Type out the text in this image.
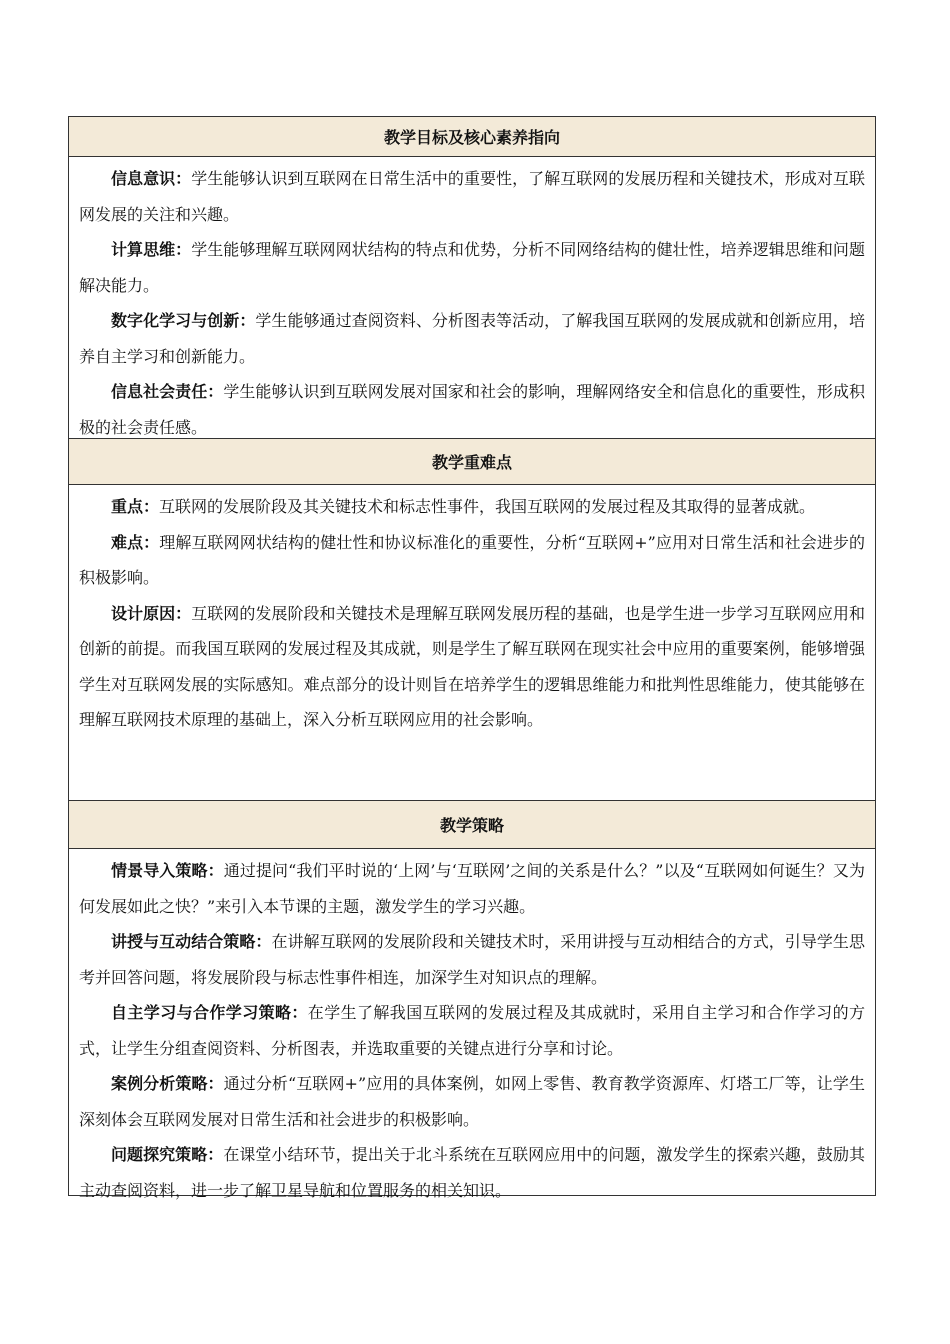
教学目标及核心素养指向

信息意识：学生能够认识到互联网在日常生活中的重要性，了解互联网的发展历程和关键技术，形成对互联网发展的关注和兴趣。

计算思维：学生能够理解互联网网状结构的特点和优势，分析不同网络结构的健壮性，培养逻辑思维和问题解决能力。

数字化学习与创新：学生能够通过查阅资料、分析图表等活动，了解我国互联网的发展成就和创新应用，培养自主学习和创新能力。

信息社会责任：学生能够认识到互联网发展对国家和社会的影响，理解网络安全和信息化的重要性，形成积极的社会责任感。

教学重难点

重点：互联网的发展阶段及其关键技术和标志性事件，我国互联网的发展过程及其取得的显著成就。

难点：理解互联网网状结构的健壮性和协议标准化的重要性，分析“互联网+”应用对日常生活和社会进步的积极影响。

设计原因：互联网的发展阶段和关键技术是理解互联网发展历程的基础，也是学生进一步学习互联网应用和创新的前提。而我国互联网的发展过程及其成就，则是学生了解互联网在现实社会中应用的重要案例，能够增强学生对互联网发展的实际感知。难点部分的设计则旨在培养学生的逻辑思维能力和批判性思维能力，使其能够在理解互联网技术原理的基础上，深入分析互联网应用的社会影响。

教学策略

情景导入策略：通过提问“我们平时说的‘上网’与‘互联网’之间的关系是什么？”以及“互联网如何诞生？又为何发展如此之快？”来引入本节课的主题，激发学生的学习兴趣。

讲授与互动结合策略：在讲解互联网的发展阶段和关键技术时，采用讲授与互动相结合的方式，引导学生思考并回答问题，将发展阶段与标志性事件相连，加深学生对知识点的理解。

自主学习与合作学习策略：在学生了解我国互联网的发展过程及其成就时，采用自主学习和合作学习的方式，让学生分组查阅资料、分析图表，并选取重要的关键点进行分享和讨论。

案例分析策略：通过分析“互联网+”应用的具体案例，如网上零售、教育教学资源库、灯塔工厂等，让学生深刻体会互联网发展对日常生活和社会进步的积极影响。

问题探究策略：在课堂小结环节，提出关于北斗系统在互联网应用中的问题，激发学生的探索兴趣，鼓励其主动查阅资料，进一步了解卫星导航和位置服务的相关知识。
